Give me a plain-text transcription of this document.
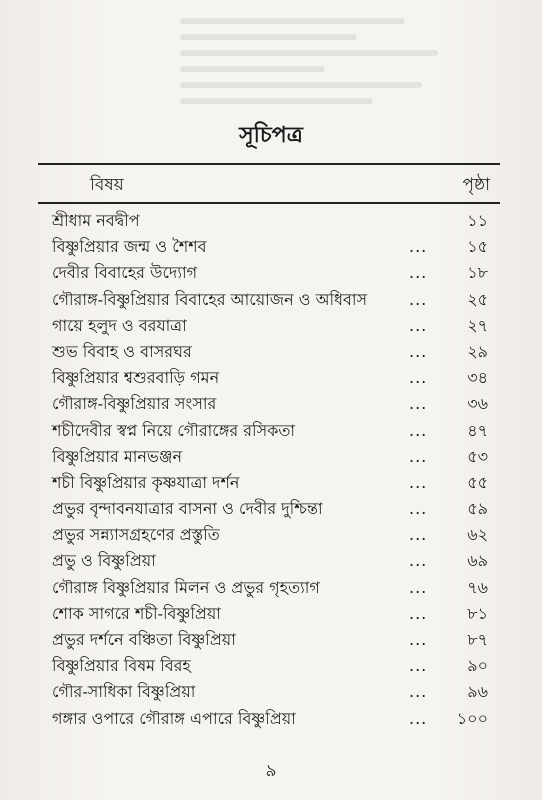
সূচিপত্র
বিষয়	পৃষ্ঠা
শ্রীধাম নবদ্বীপ	১১
বিষ্ণুপ্রিয়ার জন্ম ও শৈশব	... ১৫
দেবীর বিবাহের উদ্যোগ	... ১৮
গৌরাঙ্গ-বিষ্ণুপ্রিয়ার বিবাহের আয়োজন ও অধিবাস	... ২৫
গায়ে হলুদ ও বরযাত্রা	... ২৭
শুভ বিবাহ ও বাসরঘর	... ২৯
বিষ্ণুপ্রিয়ার শ্বশুরবাড়ি গমন	... ৩৪
গৌরাঙ্গ-বিষ্ণুপ্রিয়ার সংসার	... ৩৬
শচীদেবীর স্বপ্ন নিয়ে গৌরাঙ্গের রসিকতা	... ৪৭
বিষ্ণুপ্রিয়ার মানভঞ্জন	... ৫৩
শচী বিষ্ণুপ্রিয়ার কৃষ্ণযাত্রা দর্শন	... ৫৫
প্রভুর বৃন্দাবনযাত্রার বাসনা ও দেবীর দুশ্চিন্তা	... ৫৯
প্রভুর সন্ন্যাসগ্রহণের প্রস্তুতি	... ৬২
প্রভু ও বিষ্ণুপ্রিয়া	... ৬৯
গৌরাঙ্গ বিষ্ণুপ্রিয়ার মিলন ও প্রভুর গৃহত্যাগ	... ৭৬
শোক সাগরে শচী-বিষ্ণুপ্রিয়া	... ৮১
প্রভুর দর্শনে বঞ্চিতা বিষ্ণুপ্রিয়া	... ৮৭
বিষ্ণুপ্রিয়ার বিষম বিরহ	... ৯০
গৌর-সাধিকা বিষ্ণুপ্রিয়া	... ৯৬
গঙ্গার ওপারে গৌরাঙ্গ এপারে বিষ্ণুপ্রিয়া	... ১০০
৯
